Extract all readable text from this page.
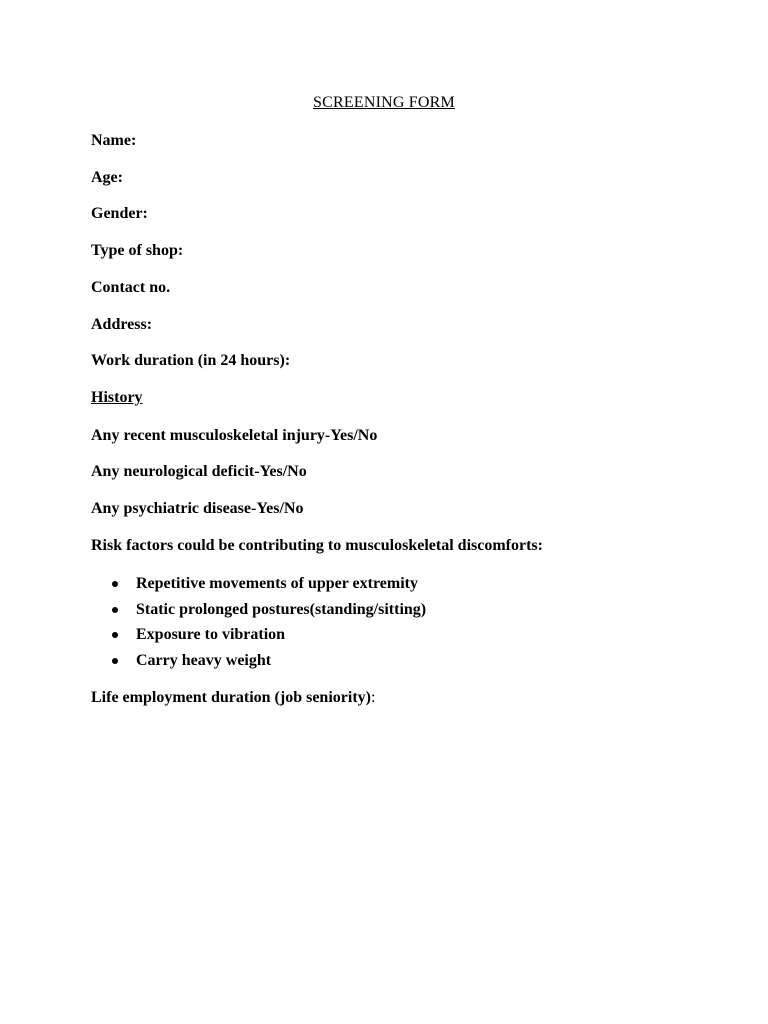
SCREENING FORM
Name:
Age:
Gender:
Type of shop:
Contact no.
Address:
Work duration (in 24 hours):
History
Any recent musculoskeletal injury-Yes/No
Any neurological deficit-Yes/No
Any psychiatric disease-Yes/No
Risk factors could be contributing to musculoskeletal discomforts:
Repetitive movements of upper extremity
Static prolonged postures(standing/sitting)
Exposure to vibration
Carry heavy weight
Life employment duration (job seniority):
